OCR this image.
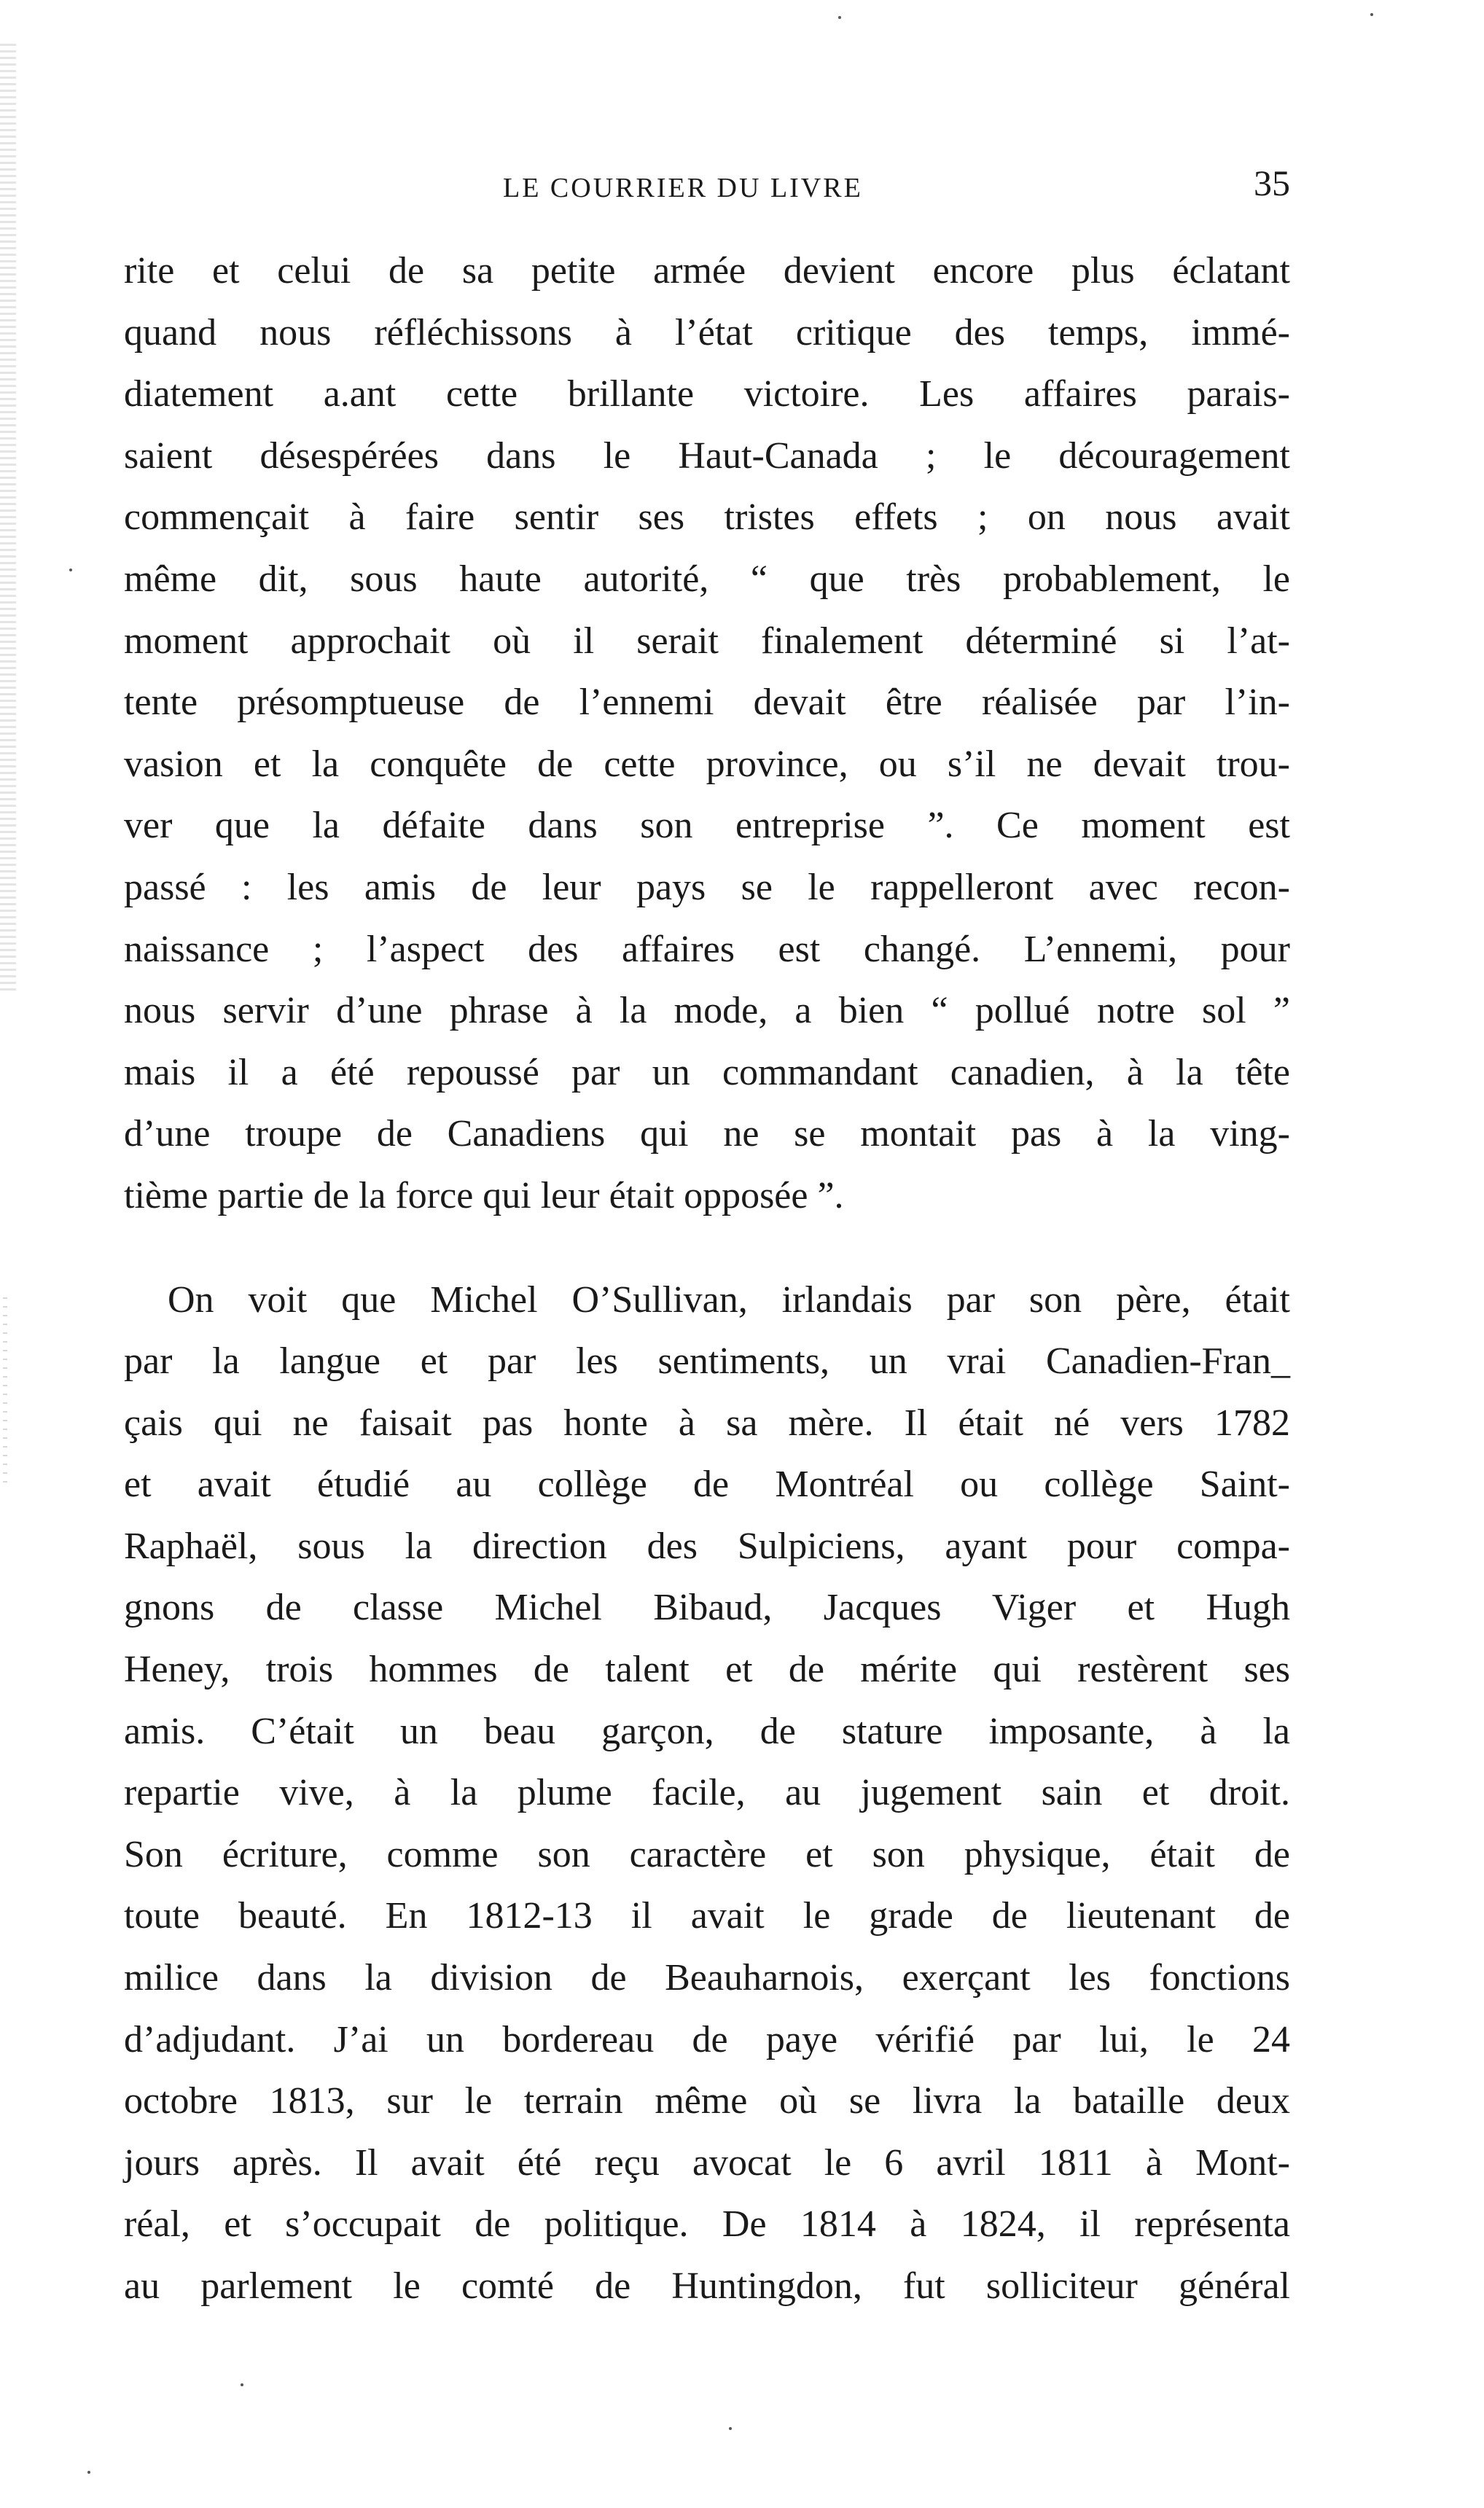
LE COURRIER DU LIVRE	35
rite et celui de sa petite armée devient encore plus éclatant
quand nous réfléchissons à l’état critique des temps, immé-
diatement a.ant cette brillante victoire. Les affaires parais-
saient désespérées dans le Haut-Canada ; le découragement
commençait à faire sentir ses tristes effets ; on nous avait
même dit, sous haute autorité, “ que très probablement, le
moment approchait où il serait finalement déterminé si l’at-
tente présomptueuse de l’ennemi devait être réalisée par l’in-
vasion et la conquête de cette province, ou s’il ne devait trou-
ver que la défaite dans son entreprise ”. Ce moment est
passé : les amis de leur pays se le rappelleront avec recon-
naissance ; l’aspect des affaires est changé. L’ennemi, pour
nous servir d’une phrase à la mode, a bien “ pollué notre sol ”
mais il a été repoussé par un commandant canadien, à la tête
d’une troupe de Canadiens qui ne se montait pas à la ving-
tième partie de la force qui leur était opposée ”.
On voit que Michel O’Sullivan, irlandais par son père, était
par la langue et par les sentiments, un vrai Canadien-Fran_
çais qui ne faisait pas honte à sa mère. Il était né vers 1782
et avait étudié au collège de Montréal ou collège Saint-
Raphaël, sous la direction des Sulpiciens, ayant pour compa-
gnons de classe Michel Bibaud, Jacques Viger et Hugh
Heney, trois hommes de talent et de mérite qui restèrent ses
amis. C’était un beau garçon, de stature imposante, à la
repartie vive, à la plume facile, au jugement sain et droit.
Son écriture, comme son caractère et son physique, était de
toute beauté. En 1812-13 il avait le grade de lieutenant de
milice dans la division de Beauharnois, exerçant les fonctions
d’adjudant. J’ai un bordereau de paye vérifié par lui, le 24
octobre 1813, sur le terrain même où se livra la bataille deux
jours après. Il avait été reçu avocat le 6 avril 1811 à Mont-
réal, et s’occupait de politique. De 1814 à 1824, il représenta
au parlement le comté de Huntingdon, fut solliciteur général
